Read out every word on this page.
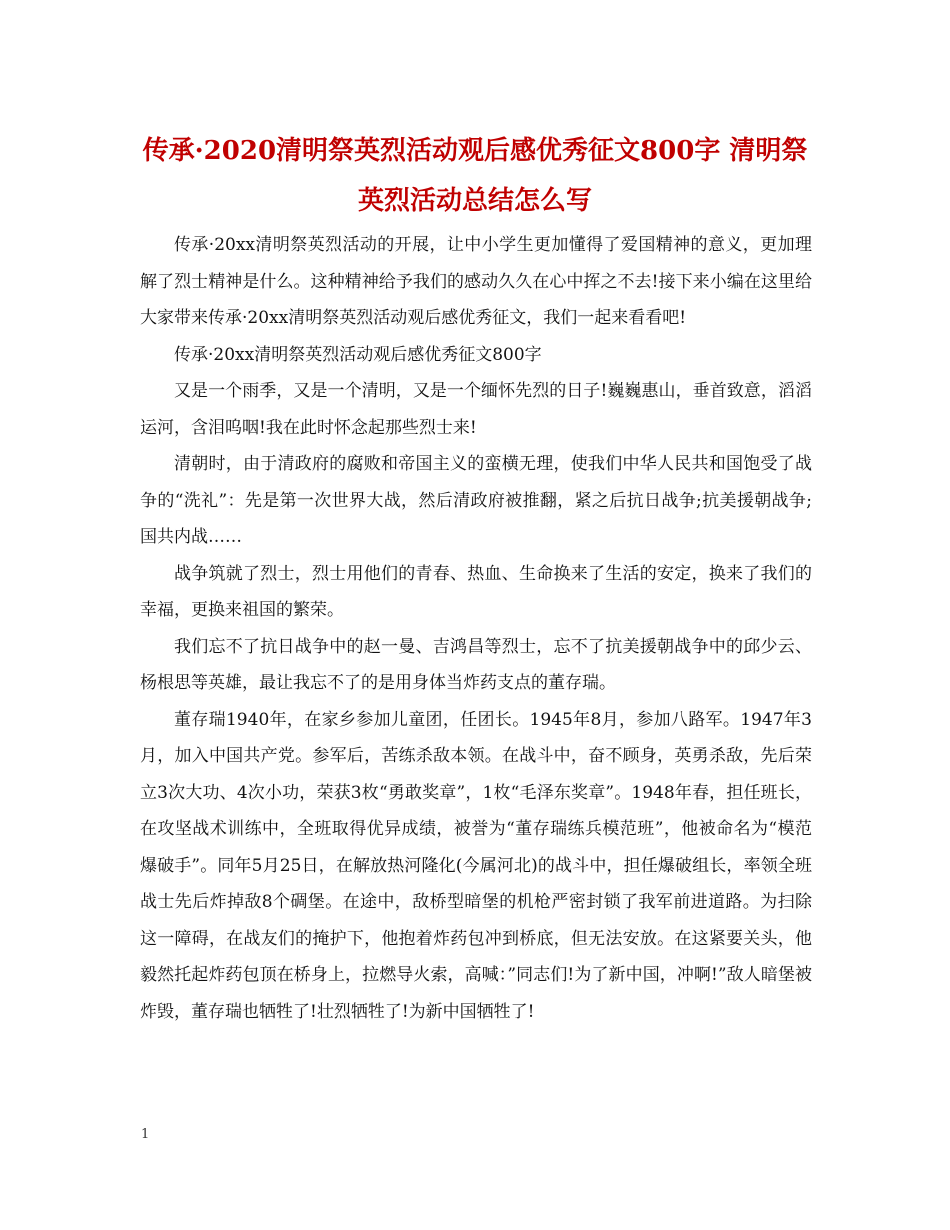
传承·2020清明祭英烈活动观后感优秀征文800字 清明祭英烈活动总结怎么写

传承·20xx清明祭英烈活动的开展，让中小学生更加懂得了爱国精神的意义，更加理解了烈士精神是什么。这种精神给予我们的感动久久在心中挥之不去!接下来小编在这里给大家带来传承·20xx清明祭英烈活动观后感优秀征文，我们一起来看看吧!

传承·20xx清明祭英烈活动观后感优秀征文800字

又是一个雨季，又是一个清明，又是一个缅怀先烈的日子!巍巍惠山，垂首致意，滔滔运河，含泪呜咽!我在此时怀念起那些烈士来!

清朝时，由于清政府的腐败和帝国主义的蛮横无理，使我们中华人民共和国饱受了战争的“洗礼”：先是第一次世界大战，然后清政府被推翻，紧之后抗日战争;抗美援朝战争;国共内战……

战争筑就了烈士，烈士用他们的青春、热血、生命换来了生活的安定，换来了我们的幸福，更换来祖国的繁荣。

我们忘不了抗日战争中的赵一曼、吉鸿昌等烈士，忘不了抗美援朝战争中的邱少云、杨根思等英雄，最让我忘不了的是用身体当炸药支点的董存瑞。

董存瑞1940年，在家乡参加儿童团，任团长。1945年8月，参加八路军。1947年3月，加入中国共产党。参军后，苦练杀敌本领。在战斗中，奋不顾身，英勇杀敌，先后荣立3次大功、4次小功，荣获3枚“勇敢奖章”，1枚“毛泽东奖章”。1948年春，担任班长，在攻坚战术训练中，全班取得优异成绩，被誉为“董存瑞练兵模范班”，他被命名为“模范爆破手”。同年5月25日，在解放热河隆化(今属河北)的战斗中，担任爆破组长，率领全班战士先后炸掉敌8个碉堡。在途中，敌桥型暗堡的机枪严密封锁了我军前进道路。为扫除这一障碍，在战友们的掩护下，他抱着炸药包冲到桥底，但无法安放。在这紧要关头，他毅然托起炸药包顶在桥身上，拉燃导火索，高喊：”同志们!为了新中国，冲啊!”敌人暗堡被炸毁，董存瑞也牺牲了!壮烈牺牲了!为新中国牺牲了!

1
